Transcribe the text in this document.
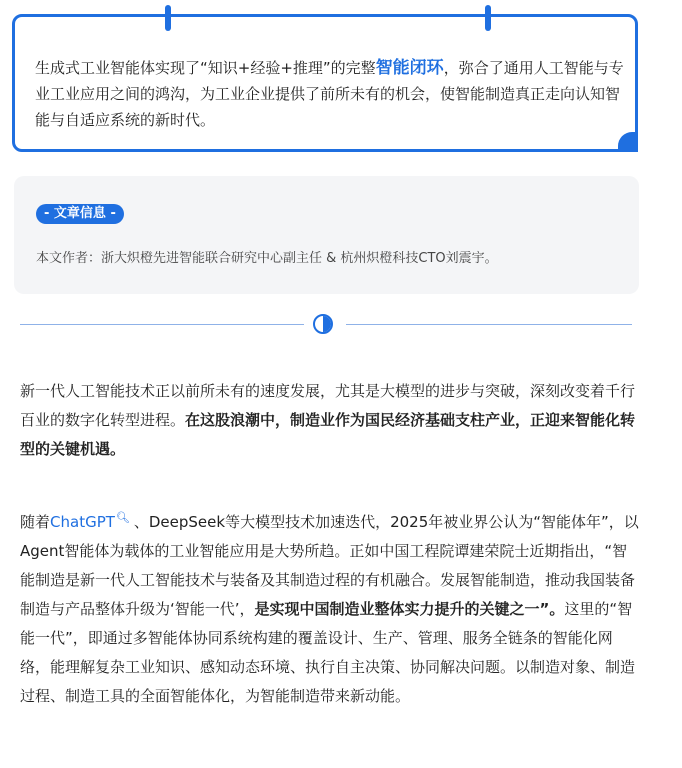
生成式工业智能体实现了“知识+经验+推理”的完整智能闭环，弥合了通用人工智能与专业工业应用之间的鸿沟，为工业企业提供了前所未有的机会，使智能制造真正走向认知智能与自适应系统的新时代。
- 文章信息 -
本文作者：浙大炽橙先进智能联合研究中心副主任 & 杭州炽橙科技CTO刘震宇。
新一代人工智能技术正以前所未有的速度发展，尤其是大模型的进步与突破，深刻改变着千行百业的数字化转型进程。在这股浪潮中，制造业作为国民经济基础支柱产业，正迎来智能化转型的关键机遇。
随着ChatGPT🔍︎ 、DeepSeek等大模型技术加速迭代，2025年被业界公认为“智能体年”，以Agent智能体为载体的工业智能应用是大势所趋。正如中国工程院谭建荣院士近期指出，“智能制造是新一代人工智能技术与装备及其制造过程的有机融合。发展智能制造，推动我国装备制造与产品整体升级为‘智能一代’，是实现中国制造业整体实力提升的关键之一”。这里的“智能一代”，即通过多智能体协同系统构建的覆盖设计、生产、管理、服务全链条的智能化网络，能理解复杂工业知识、感知动态环境、执行自主决策、协同解决问题。以制造对象、制造过程、制造工具的全面智能体化，为智能制造带来新动能。
